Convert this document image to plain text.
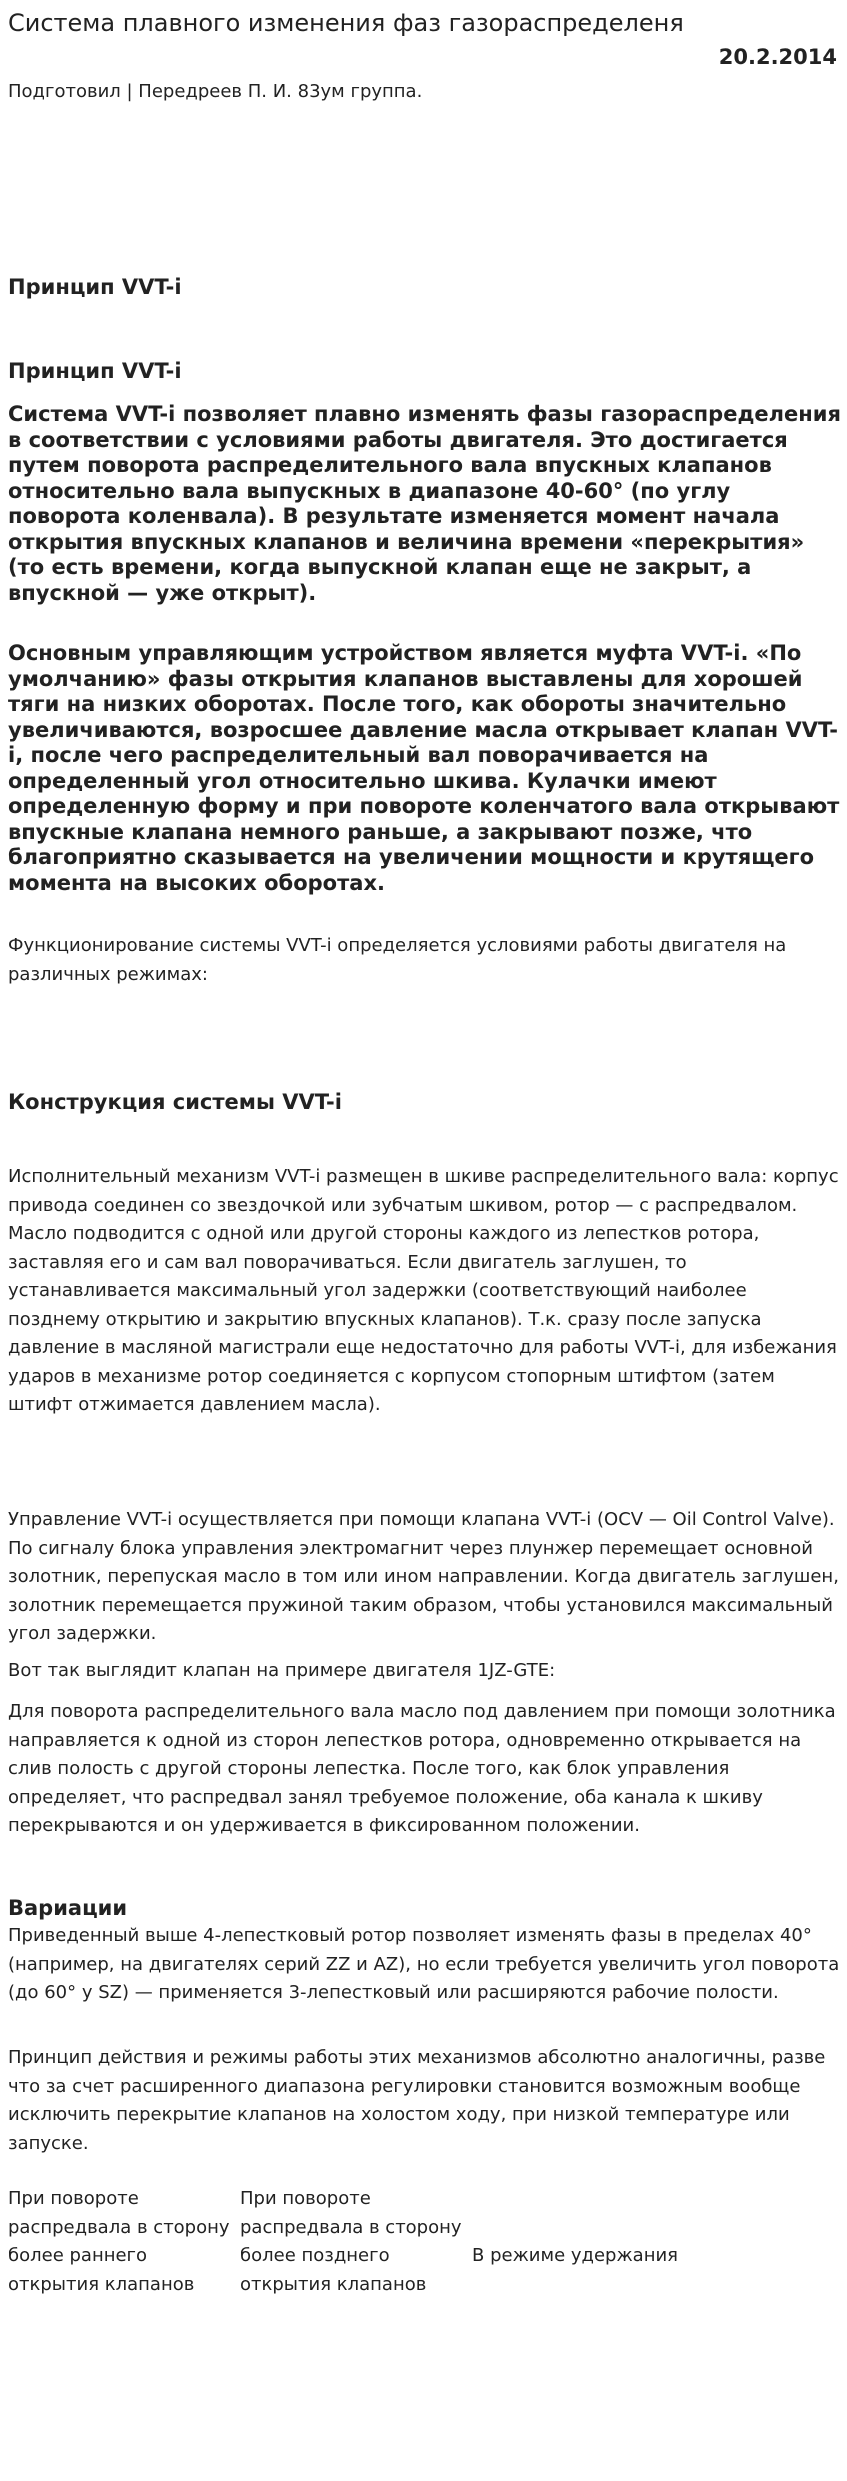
Система плавного изменения фаз газораспределеня
20.2.2014
Подготовил | Передреев П. И. 83ум группа.
Принцип VVT-i
Принцип VVT-i

Система VVT-i позволяет плавно изменять фазы газораспределения в соответствии с условиями работы двигателя. Это достигается путем поворота распределительного вала впускных клапанов относительно вала выпускных в диапазоне 40-60° (по углу поворота коленвала). В результате изменяется момент начала открытия впускных клапанов и величина времени «перекрытия» (то есть времени, когда выпускной клапан еще не закрыт, а впускной — уже открыт).

Основным управляющим устройством является муфта VVT-i. «По умолчанию» фазы открытия клапанов выставлены для хорошей тяги на низких оборотах. После того, как обороты значительно увеличиваются, возросшее давление масла открывает клапан VVT-i, после чего распределительный вал поворачивается на определенный угол относительно шкива. Кулачки имеют определенную форму и при повороте коленчатого вала открывают впускные клапана немного раньше, а закрывают позже, что благоприятно сказывается на увеличении мощности и крутящего момента на высоких оборотах.

Функционирование системы VVT-i определяется условиями работы двигателя на различных режимах:

Конструкция системы VVT-i

Исполнительный механизм VVT-i размещен в шкиве распределительного вала: корпус привода соединен со звездочкой или зубчатым шкивом, ротор — с распредвалом. Масло подводится с одной или другой стороны каждого из лепестков ротора, заставляя его и сам вал поворачиваться. Если двигатель заглушен, то устанавливается максимальный угол задержки (соответствующий наиболее позднему открытию и закрытию впускных клапанов). Т.к. сразу после запуска давление в масляной магистрали еще недостаточно для работы VVT-i, для избежания ударов в механизме ротор соединяется с корпусом стопорным штифтом (затем штифт отжимается давлением масла).

Управление VVT-i осуществляется при помощи клапана VVT-i (OCV — Oil Control Valve). По сигналу блока управления электромагнит через плунжер перемещает основной золотник, перепуская масло в том или ином направлении. Когда двигатель заглушен, золотник перемещается пружиной таким образом, чтобы установился максимальный угол задержки.

Вот так выглядит клапан на примере двигателя 1JZ-GTE:

Для поворота распределительного вала масло под давлением при помощи золотника направляется к одной из сторон лепестков ротора, одновременно открывается на слив полость с другой стороны лепестка. После того, как блок управления определяет, что распредвал занял требуемое положение, оба канала к шкиву перекрываются и он удерживается в фиксированном положении.

Вариации

Приведенный выше 4-лепестковый ротор позволяет изменять фазы в пределах 40° (например, на двигателях серий ZZ и AZ), но если требуется увеличить угол поворота (до 60° у SZ) — применяется 3-лепестковый или расширяются рабочие полости.

Принцип действия и режимы работы этих механизмов абсолютно аналогичны, разве что за счет расширенного диапазона регулировки становится возможным вообще исключить перекрытие клапанов на холостом ходу, при низкой температуре или запуске.

При повороте распредвала в сторону более раннего открытия клапанов
При повороте распредвала в сторону более позднего открытия клапанов
В режиме удержания
